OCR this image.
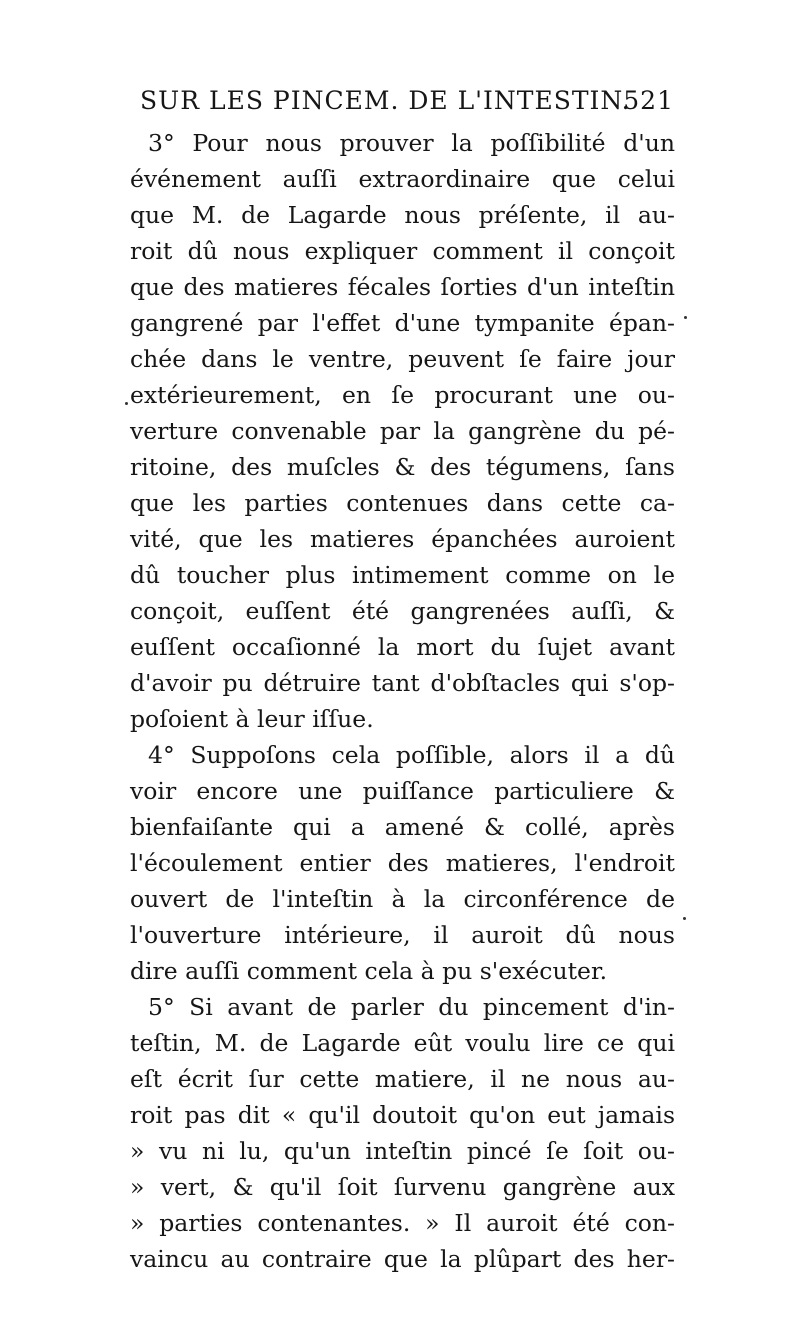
SUR LES PINCEM. DE L'INTESTIN.
521
3° Pour nous prouver la poſſibilité d'un
événement auſſi extraordinaire que celui
que M. de Lagarde nous préſente, il au-
roit dû nous expliquer comment il conçoit
que des matieres fécales ſorties d'un inteſtin
gangrené par l'effet d'une tympanite épan-
chée dans le ventre, peuvent ſe faire jour
extérieurement, en ſe procurant une ou-
verture convenable par la gangrène du pé-
ritoine, des muſcles & des tégumens, ſans
que les parties contenues dans cette ca-
vité, que les matieres épanchées auroient
dû toucher plus intimement comme on le
conçoit, euſſent été gangrenées auſſi, &
euſſent occaſionné la mort du ſujet avant
d'avoir pu détruire tant d'obſtacles qui s'op-
poſoient à leur iſſue.
4° Suppoſons cela poſſible, alors il a dû
voir encore une puiſſance particuliere &
bienfaiſante qui a amené & collé, après
l'écoulement entier des matieres, l'endroit
ouvert de l'inteſtin à la circonférence de
l'ouverture intérieure, il auroit dû nous
dire auſſi comment cela à pu s'exécuter.
5° Si avant de parler du pincement d'in-
teſtin, M. de Lagarde eût voulu lire ce qui
eſt écrit ſur cette matiere, il ne nous au-
roit pas dit « qu'il doutoit qu'on eut jamais
» vu ni lu, qu'un inteſtin pincé ſe ſoit ou-
» vert, & qu'il ſoit ſurvenu gangrène aux
» parties contenantes. » Il auroit été con-
vaincu au contraire que la plûpart des her-
